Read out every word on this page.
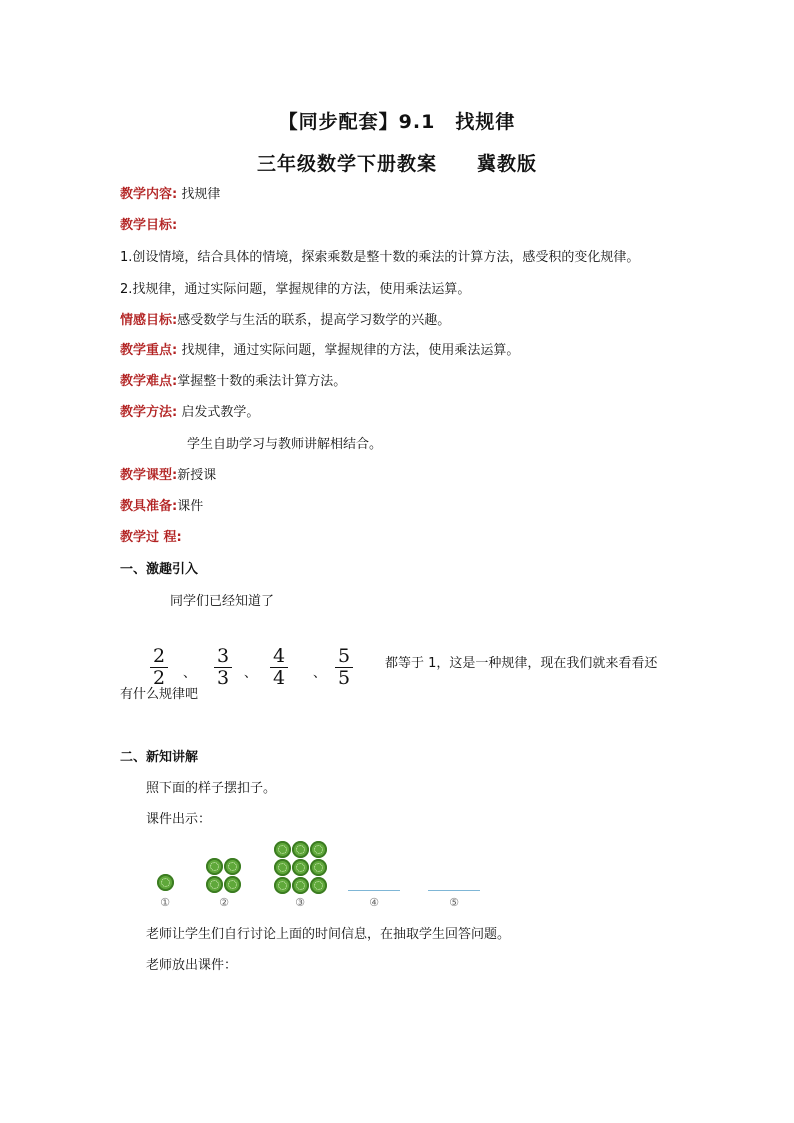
【同步配套】9.1　找规律
三年级数学下册教案　　冀教版
教学内容: 找规律
教学目标:
1.创设情境，结合具体的情境，探索乘数是整十数的乘法的计算方法，感受积的变化规律。
2.找规律，通过实际问题，掌握规律的方法，使用乘法运算。
情感目标:感受数学与生活的联系，提高学习数学的兴趣。
教学重点: 找规律，通过实际问题，掌握规律的方法，使用乘法运算。
教学难点:掌握整十数的乘法计算方法。
教学方法: 启发式教学。
学生自助学习与教师讲解相结合。
教学课型:新授课
教具准备:课件
教学过 程:
一、激趣引入
同学们已经知道了
2
2	、
3
3	、
4
4	、
5
5
都等于 1，这是一种规律，现在我们就来看看还
有什么规律吧
二、新知讲解
照下面的样子摆扣子。
课件出示：
①	②	③	④	⑤
老师让学生们自行讨论上面的时间信息，在抽取学生回答问题。
老师放出课件：
